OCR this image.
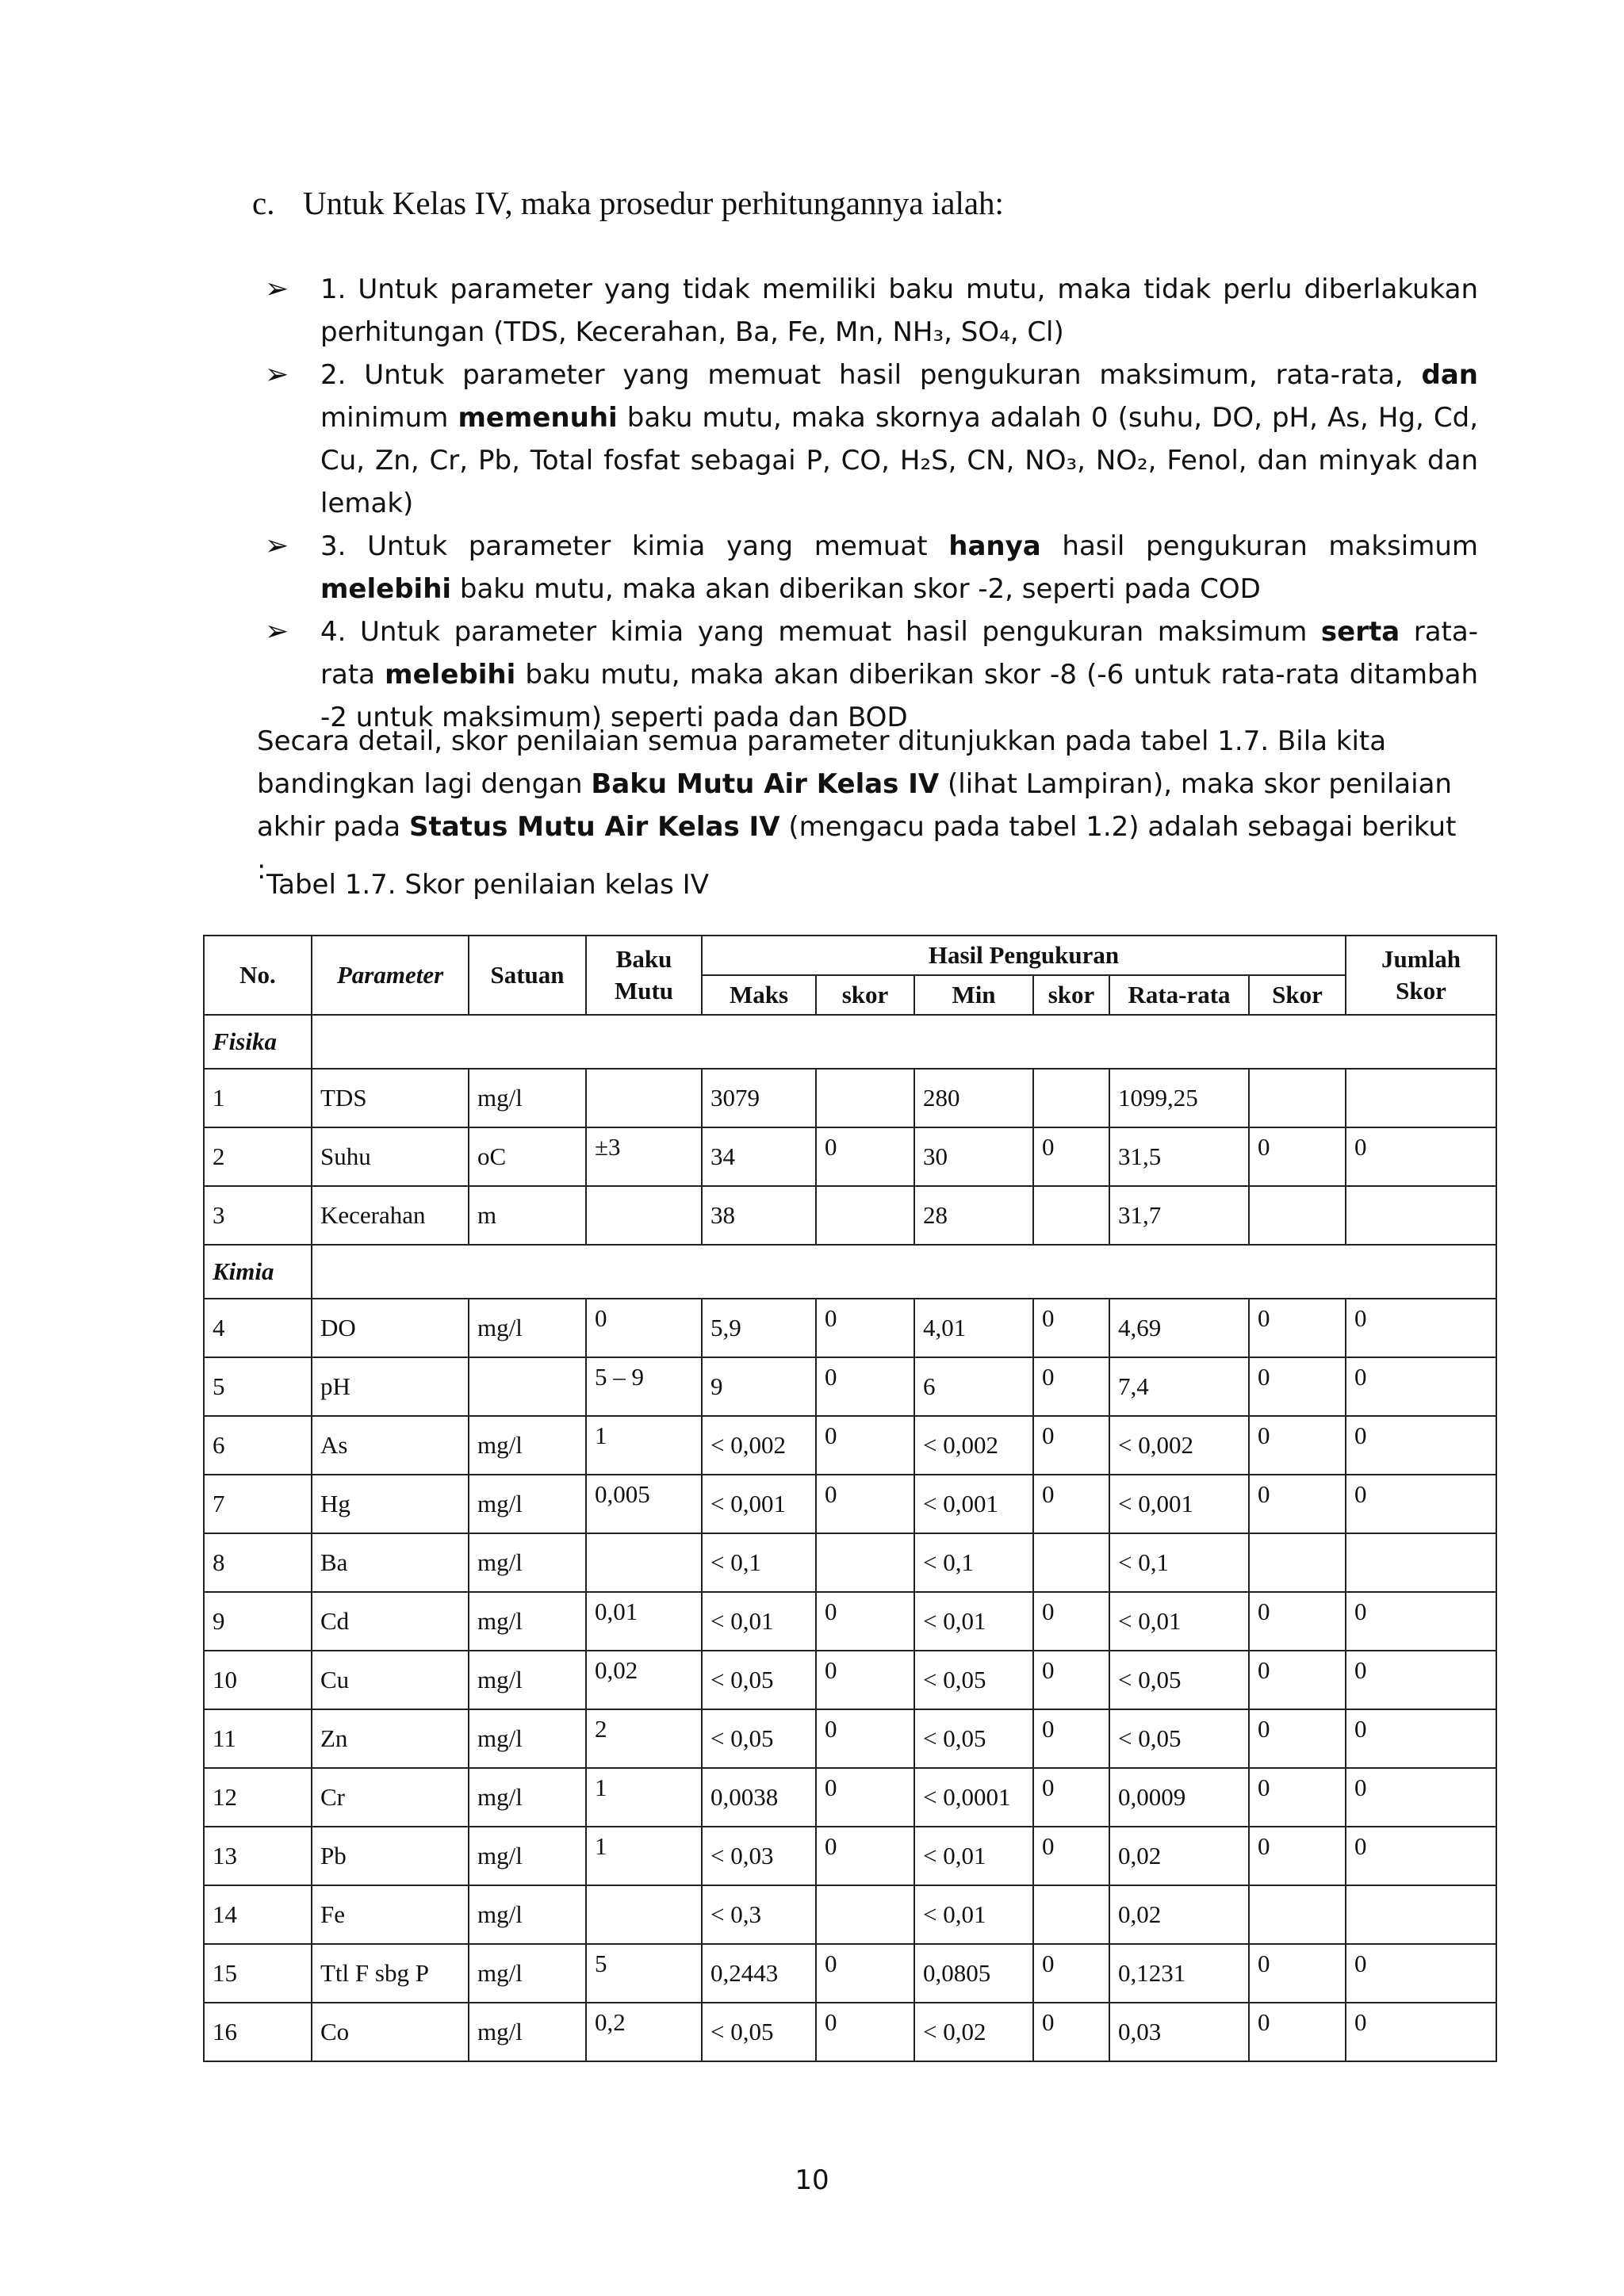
c. Untuk Kelas IV, maka prosedur perhitungannya ialah:
➢ 1. Untuk parameter yang tidak memiliki baku mutu, maka tidak perlu diberlakukan perhitungan (TDS, Kecerahan, Ba, Fe, Mn, NH₃, SO₄, Cl)
➢ 2. Untuk parameter yang memuat hasil pengukuran maksimum, rata-rata, dan minimum memenuhi baku mutu, maka skornya adalah 0 (suhu, DO, pH, As, Hg, Cd, Cu, Zn, Cr, Pb, Total fosfat sebagai P, CO, H₂S, CN, NO₃, NO₂, Fenol, dan minyak dan lemak)
➢ 3. Untuk parameter kimia yang memuat hanya hasil pengukuran maksimum melebihi baku mutu, maka akan diberikan skor -2, seperti pada COD
➢ 4. Untuk parameter kimia yang memuat hasil pengukuran maksimum serta rata-rata melebihi baku mutu, maka akan diberikan skor -8 (-6 untuk rata-rata ditambah -2 untuk maksimum) seperti pada dan BOD

Secara detail, skor penilaian semua parameter ditunjukkan pada tabel 1.7. Bila kita bandingkan lagi dengan Baku Mutu Air Kelas IV (lihat Lampiran), maka skor penilaian akhir pada Status Mutu Air Kelas IV (mengacu pada tabel 1.2) adalah sebagai berikut : Tabel 1.7. Skor penilaian kelas IV
No.	Parameter	Satuan	Baku Mutu	Hasil Pengukuran						Jumlah Skor
				Maks	skor	Min	skor	Rata-rata	Skor	
Fisika										
1	TDS	mg/l		3079		280		1099,25		
2	Suhu	oC	±3	34	0	30	0	31,5	0	0
3	Kecerahan	m		38		28		31,7		
Kimia										
4	DO	mg/l	0	5,9	0	4,01	0	4,69	0	0
5	pH		5 – 9	9	0	6	0	7,4	0	0
6	As	mg/l	1	< 0,002	0	< 0,002	0	< 0,002	0	0
7	Hg	mg/l	0,005	< 0,001	0	< 0,001	0	< 0,001	0	0
8	Ba	mg/l		< 0,1		< 0,1		< 0,1		
9	Cd	mg/l	0,01	< 0,01	0	< 0,01	0	< 0,01	0	0
10	Cu	mg/l	0,02	< 0,05	0	< 0,05	0	< 0,05	0	0
11	Zn	mg/l	2	< 0,05	0	< 0,05	0	< 0,05	0	0
12	Cr	mg/l	1	0,0038	0	< 0,0001	0	0,0009	0	0
13	Pb	mg/l	1	< 0,03	0	< 0,01	0	0,02	0	0
14	Fe	mg/l		< 0,3		< 0,01		0,02		
15	Ttl F sbg P	mg/l	5	0,2443	0	0,0805	0	0,1231	0	0
16	Co	mg/l	0,2	< 0,05	0	< 0,02	0	0,03	0	0
10
